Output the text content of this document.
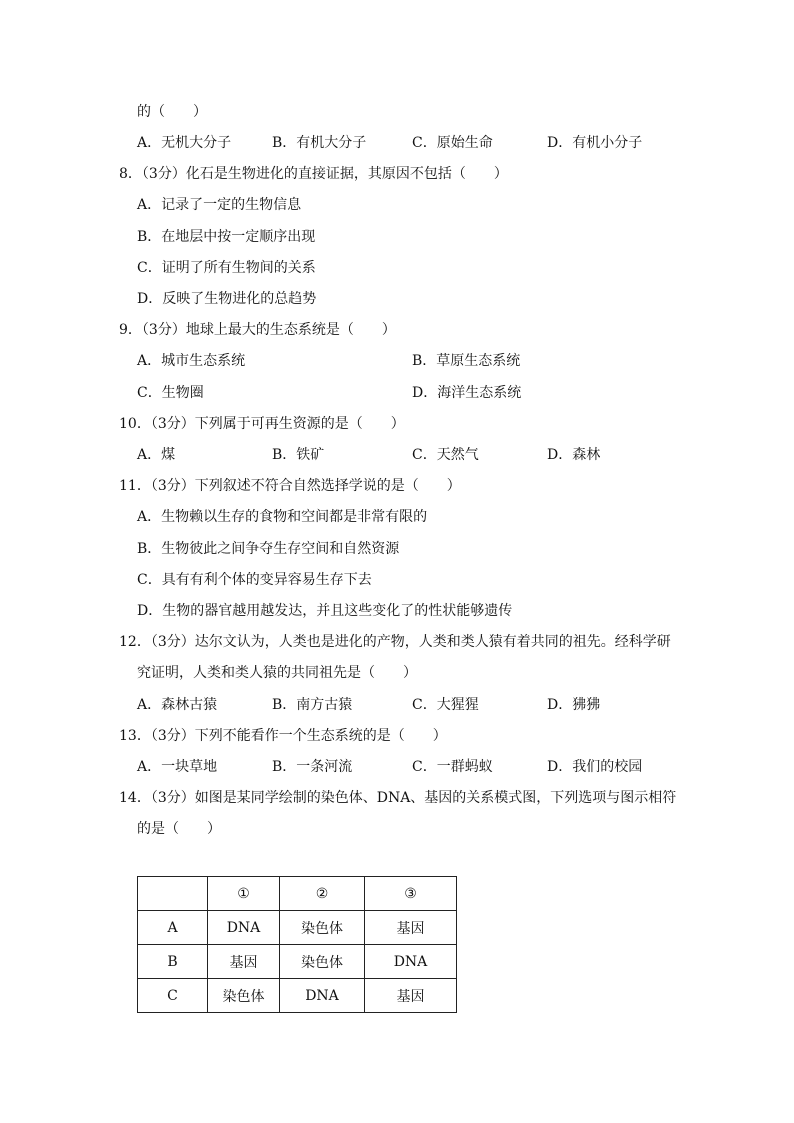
的（　　）
A．无机大分子	B．有机大分子	C．原始生命	D．有机小分子
8．（3分）化石是生物进化的直接证据，其原因不包括（　　）
A．记录了一定的生物信息
B．在地层中按一定顺序出现
C．证明了所有生物间的关系
D．反映了生物进化的总趋势
9．（3分）地球上最大的生态系统是（　　）
A．城市生态系统	B．草原生态系统
C．生物圈	D．海洋生态系统
10．（3分）下列属于可再生资源的是（　　）
A．煤	B．铁矿	C．天然气	D．森林
11．（3分）下列叙述不符合自然选择学说的是（　　）
A．生物赖以生存的食物和空间都是非常有限的
B．生物彼此之间争夺生存空间和自然资源
C．具有有利个体的变异容易生存下去
D．生物的器官越用越发达，并且这些变化了的性状能够遗传
12．（3分）达尔文认为，人类也是进化的产物，人类和类人猿有着共同的祖先。经科学研
究证明，人类和类人猿的共同祖先是（　　）
A．森林古猿	B．南方古猿	C．大猩猩	D．狒狒
13．（3分）下列不能看作一个生态系统的是（　　）
A．一块草地	B．一条河流	C．一群蚂蚁	D．我们的校园
14．（3分）如图是某同学绘制的染色体、DNA、基因的关系模式图，下列选项与图示相符
的是（　　）
	①	②	③
A	DNA	染色体	基因
B	基因	染色体	DNA
C	染色体	DNA	基因
